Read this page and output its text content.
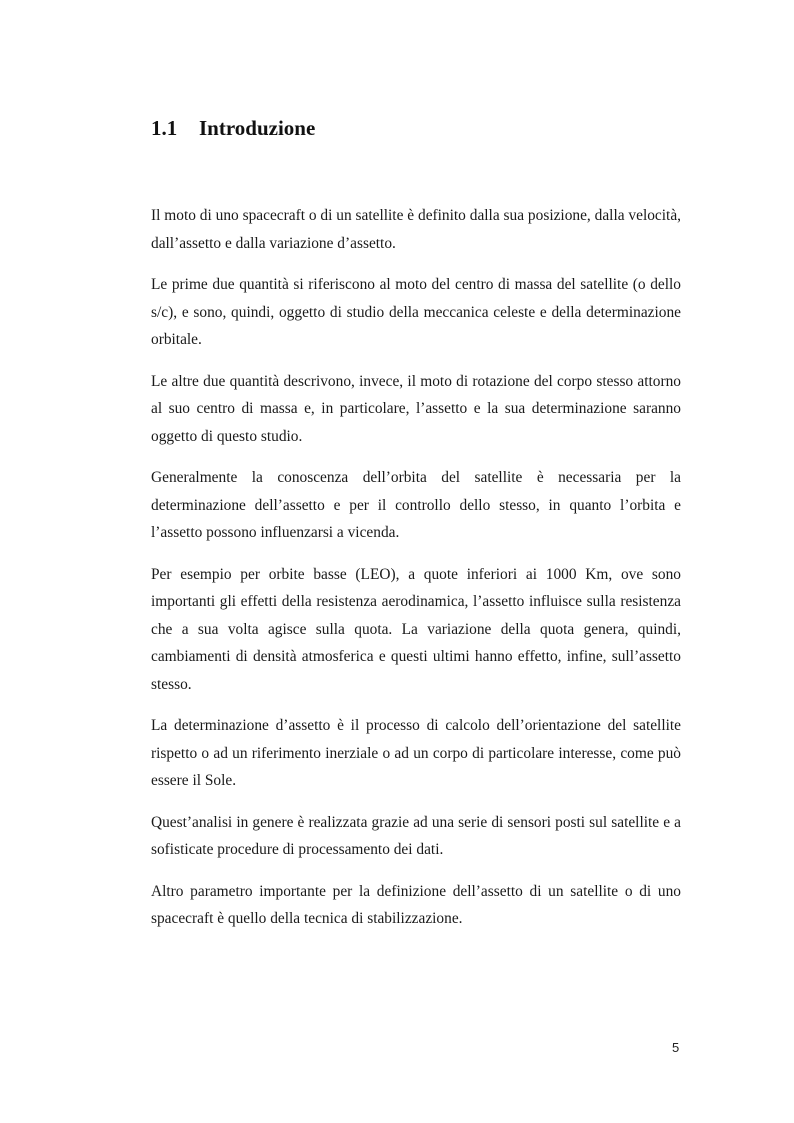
1.1 Introduzione

Il moto di uno spacecraft o di un satellite è definito dalla sua posizione, dalla velocità, dall’assetto e dalla variazione d’assetto.

Le prime due quantità si riferiscono al moto del centro di massa del satellite (o dello s/c), e sono, quindi, oggetto di studio della meccanica celeste e della determinazione orbitale.

Le altre due quantità descrivono, invece, il moto di rotazione del corpo stesso attorno al suo centro di massa e, in particolare, l’assetto e la sua determinazione saranno oggetto di questo studio.

Generalmente la conoscenza dell’orbita del satellite è necessaria per la determinazione dell’assetto e per il controllo dello stesso, in quanto l’orbita e l’assetto possono influenzarsi a vicenda.

Per esempio per orbite basse (LEO), a quote inferiori ai 1000 Km, ove sono importanti gli effetti della resistenza aerodinamica, l’assetto influisce sulla resistenza che a sua volta agisce sulla quota. La variazione della quota genera, quindi, cambiamenti di densità atmosferica e questi ultimi hanno effetto, infine, sull’assetto stesso.

La determinazione d’assetto è il processo di calcolo dell’orientazione del satellite rispetto o ad un riferimento inerziale o ad un corpo di particolare interesse, come può essere il Sole.

Quest’analisi in genere è realizzata grazie ad una serie di sensori posti sul satellite e a sofisticate procedure di processamento dei dati.

Altro parametro importante per la definizione dell’assetto di un satellite o di uno spacecraft è quello della tecnica di stabilizzazione.

5
